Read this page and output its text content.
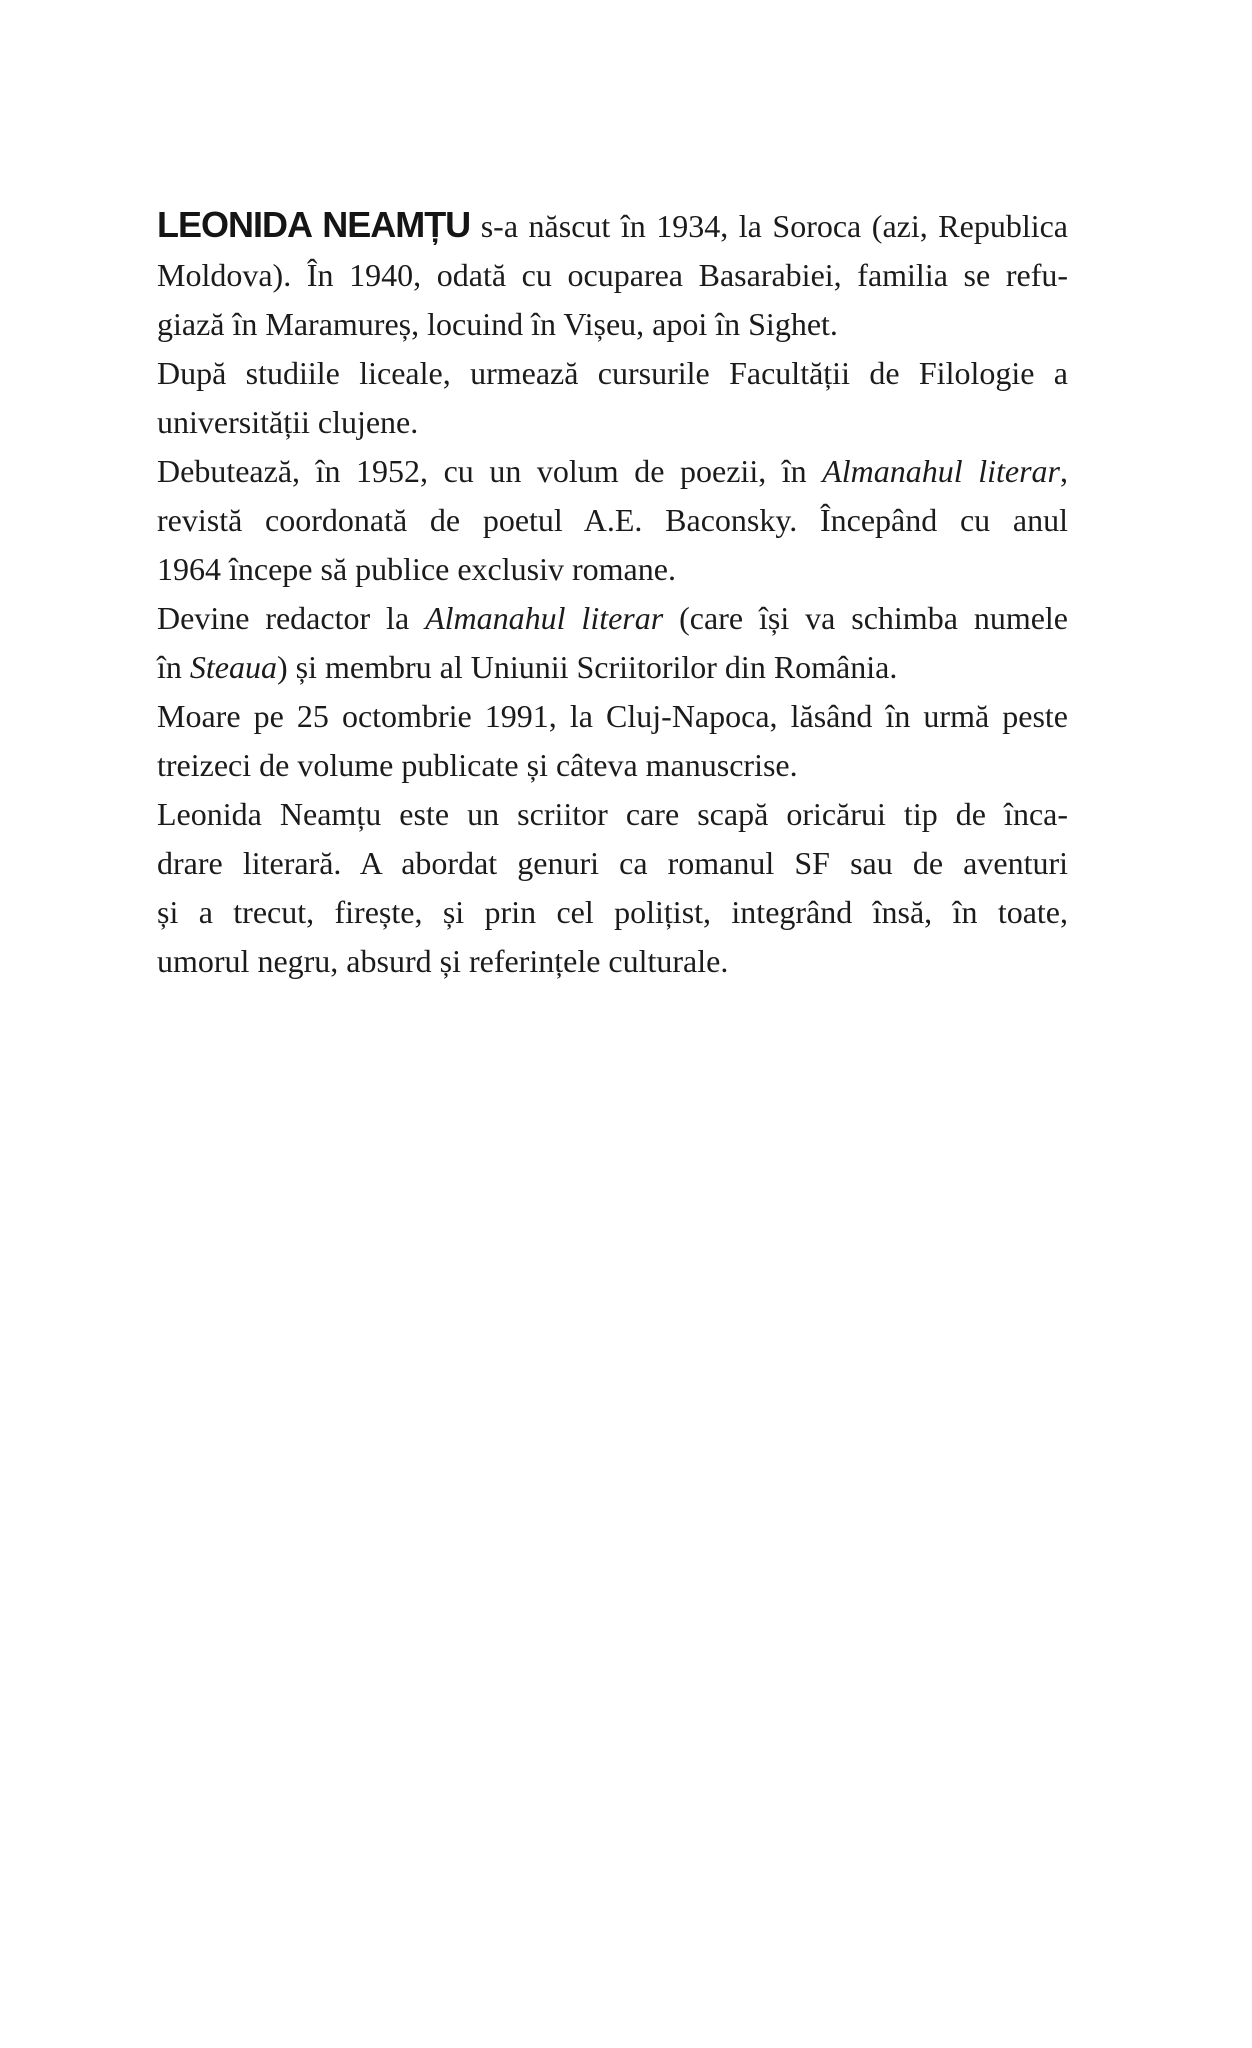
LEONIDA NEAMȚU s-a născut în 1934, la Soroca (azi, Republica
Moldova). În 1940, odată cu ocuparea Basarabiei, familia se refu-
giază în Maramureș, locuind în Vișeu, apoi în Sighet.
După studiile liceale, urmează cursurile Facultății de Filologie a
universității clujene.
Debutează, în 1952, cu un volum de poezii, în Almanahul literar,
revistă coordonată de poetul A.E. Baconsky. Începând cu anul
1964 începe să publice exclusiv romane.
Devine redactor la Almanahul literar (care își va schimba numele
în Steaua) și membru al Uniunii Scriitorilor din România.
Moare pe 25 octombrie 1991, la Cluj-Napoca, lăsând în urmă peste
treizeci de volume publicate și câteva manuscrise.
Leonida Neamțu este un scriitor care scapă oricărui tip de înca-
drare literară. A abordat genuri ca romanul SF sau de aventuri
și a trecut, firește, și prin cel polițist, integrând însă, în toate,
umorul negru, absurd și referințele culturale.
